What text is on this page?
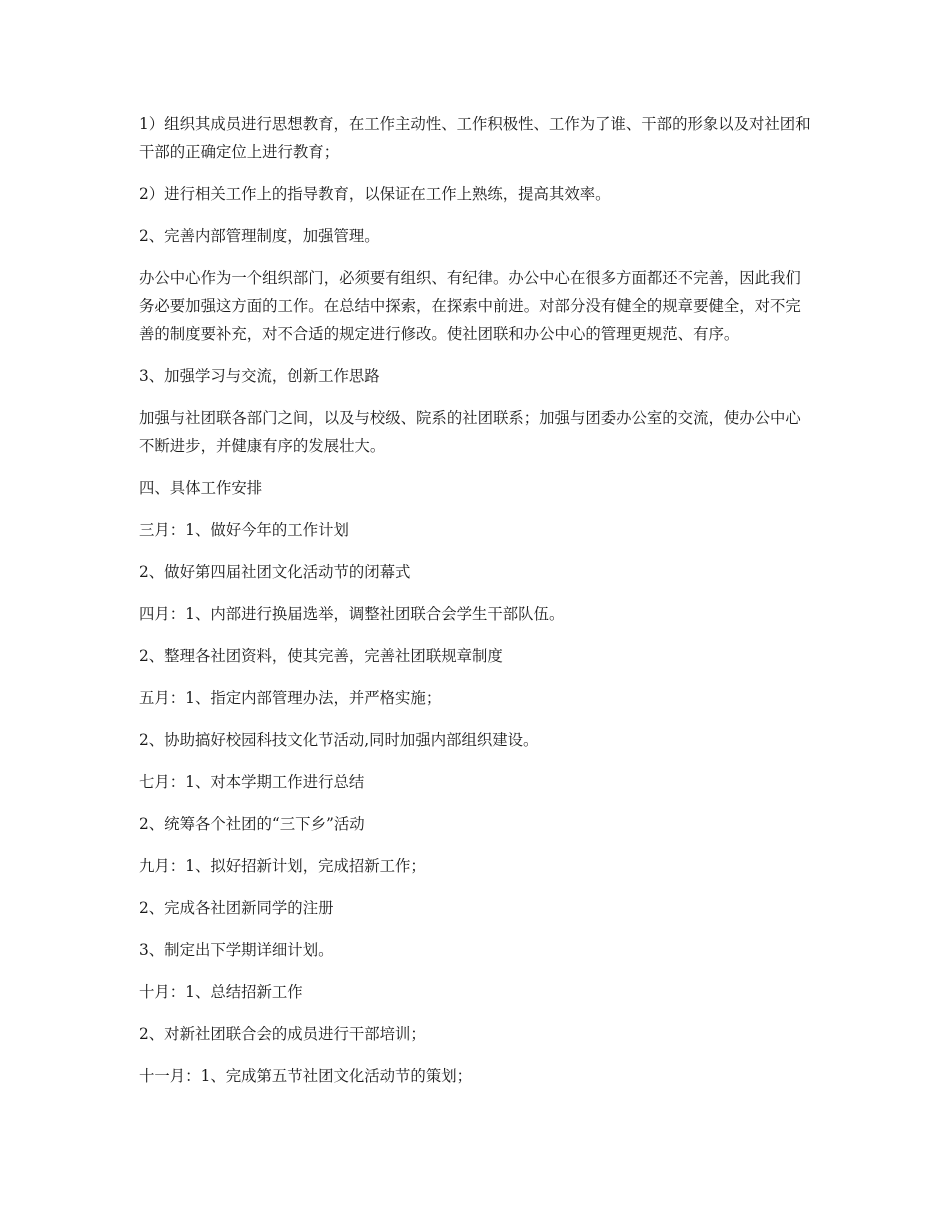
1）组织其成员进行思想教育，在工作主动性、工作积极性、工作为了谁、干部的形象以及对社团和干部的正确定位上进行教育；

2）进行相关工作上的指导教育，以保证在工作上熟练，提高其效率。

2、完善内部管理制度，加强管理。

办公中心作为一个组织部门，必须要有组织、有纪律。办公中心在很多方面都还不完善，因此我们务必要加强这方面的工作。在总结中探索，在探索中前进。对部分没有健全的规章要健全，对不完善的制度要补充，对不合适的规定进行修改。使社团联和办公中心的管理更规范、有序。

3、加强学习与交流，创新工作思路

加强与社团联各部门之间，以及与校级、院系的社团联系；加强与团委办公室的交流，使办公中心不断进步，并健康有序的发展壮大。

四、具体工作安排

三月：1、做好今年的工作计划

2、做好第四届社团文化活动节的闭幕式

四月：1、内部进行换届选举，调整社团联合会学生干部队伍。

2、整理各社团资料，使其完善，完善社团联规章制度

五月：1、指定内部管理办法，并严格实施；

2、协助搞好校园科技文化节活动,同时加强内部组织建设。

七月：1、对本学期工作进行总结

2、统筹各个社团的“三下乡”活动

九月：1、拟好招新计划，完成招新工作；

2、完成各社团新同学的注册

3、制定出下学期详细计划。

十月：1、总结招新工作

2、对新社团联合会的成员进行干部培训；

十一月：1、完成第五节社团文化活动节的策划；
